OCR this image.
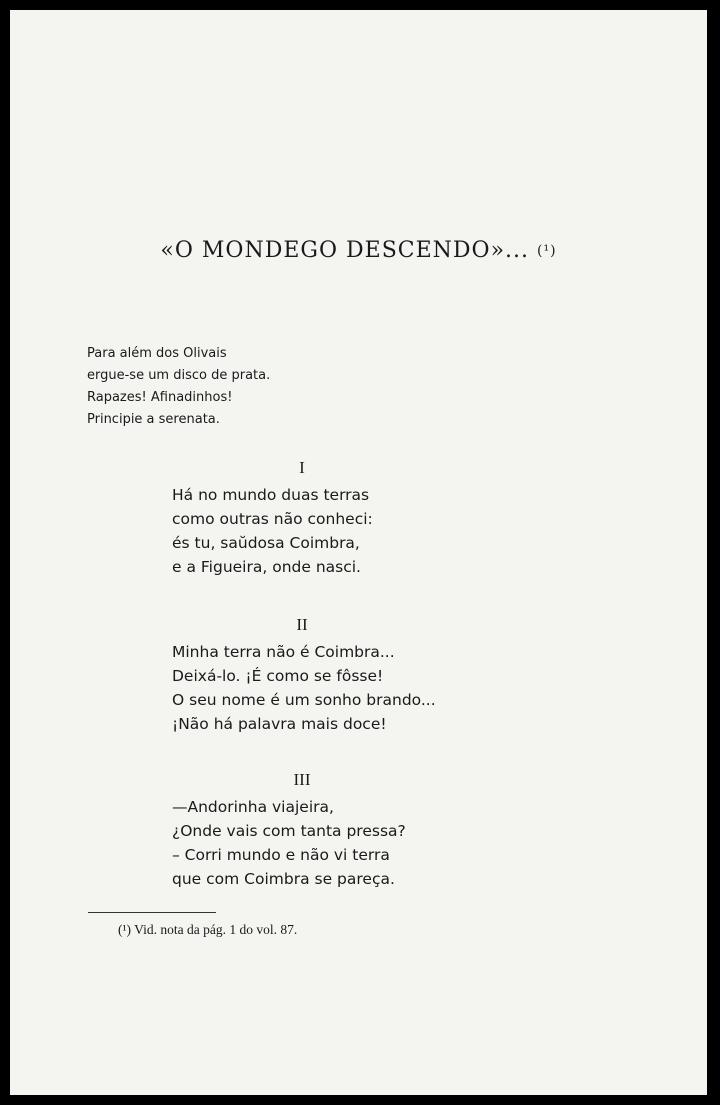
«O MONDEGO DESCENDO»... (¹)
Para além dos Olivais
ergue-se um disco de prata.
Rapazes! Afinadinhos!
Principie a serenata.
I
Há no mundo duas terras
como outras não conheci:
és tu, saŭdosa Coimbra,
e a Figueira, onde nasci.
II
Minha terra não é Coimbra...
Deixá-lo. ¡É como se fôsse!
O seu nome é um sonho brando...
¡Não há palavra mais doce!
III
—Andorinha viajeira,
¿Onde vais com tanta pressa?
– Corri mundo e não vi terra
que com Coimbra se pareça.
(¹) Vid. nota da pág. 1 do vol. 87.
